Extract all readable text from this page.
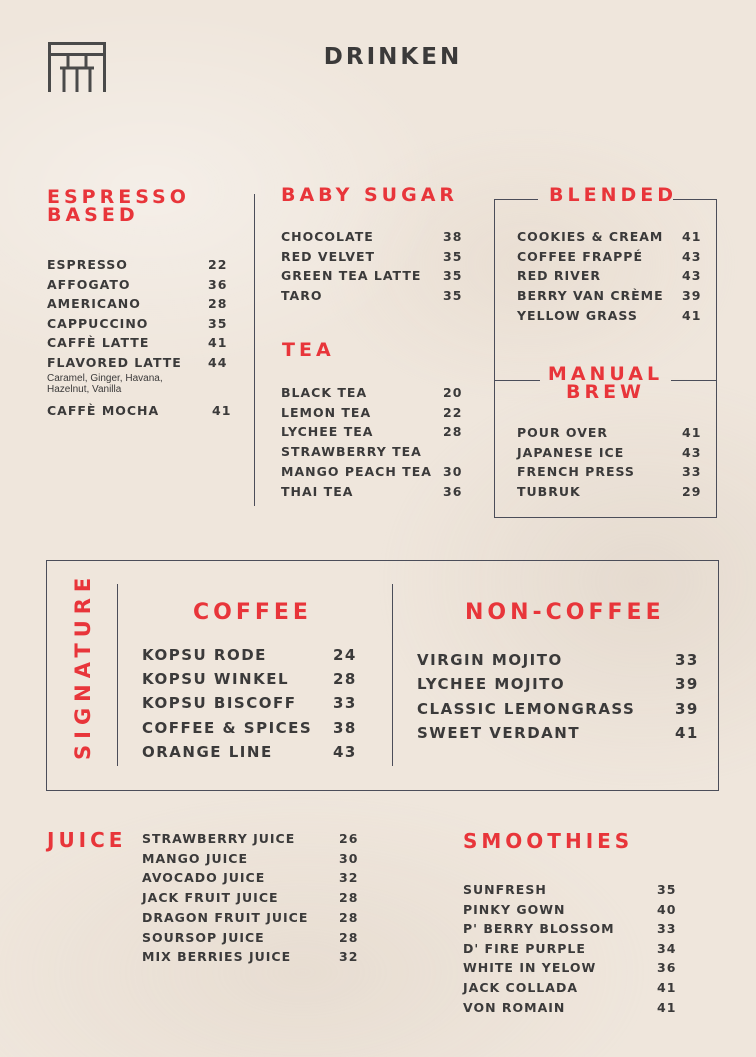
DRINKEN
ESPRESSO
BASED
ESPRESSO	22
AFFOGATO	36
AMERICANO	28
CAPPUCCINO	35
CAFFÈ LATTE	41
FLAVORED LATTE 44
Caramel, Ginger, Havana,
Hazelnut, Vanilla
CAFFÈ MOCHA	41
BABY SUGAR
CHOCOLATE	38
RED VELVET	35
GREEN TEA LATTE 35
TARO	35
TEA
BLACK TEA	20
LEMON TEA	22
LYCHEE TEA	28
STRAWBERRY TEA
MANGO PEACH TEA 30
THAI TEA	36
BLENDED
COOKIES & CREAM 41
COFFEE FRAPPÉ	43
RED RIVER	43
BERRY VAN CRÈME 39
YELLOW GRASS	41
MANUAL
BREW
POUR OVER	41
JAPANESE ICE	43
FRENCH PRESS	33
TUBRUK	29
SIGNATURE	COFFEE
KOPSU RODE	24
KOPSU WINKEL	28
KOPSU BISCOFF 33
COFFEE & SPICES 38
ORANGE LINE	43
NON-COFFEE
VIRGIN MOJITO	33
LYCHEE MOJITO	39
CLASSIC LEMONGRASS	39
SWEET VERDANT	41
JUICE STRAWBERRY JUICE	26
MANGO JUICE	30
AVOCADO JUICE	32
JACK FRUIT JUICE	28
DRAGON FRUIT JUICE 28
SOURSOP JUICE	28
MIX BERRIES JUICE	32
SMOOTHIES
SUNFRESH	35
PINKY GOWN	40
P' BERRY BLOSSOM	33
D' FIRE PURPLE	34
WHITE IN YELOW	36
JACK COLLADA	41
VON ROMAIN	41
